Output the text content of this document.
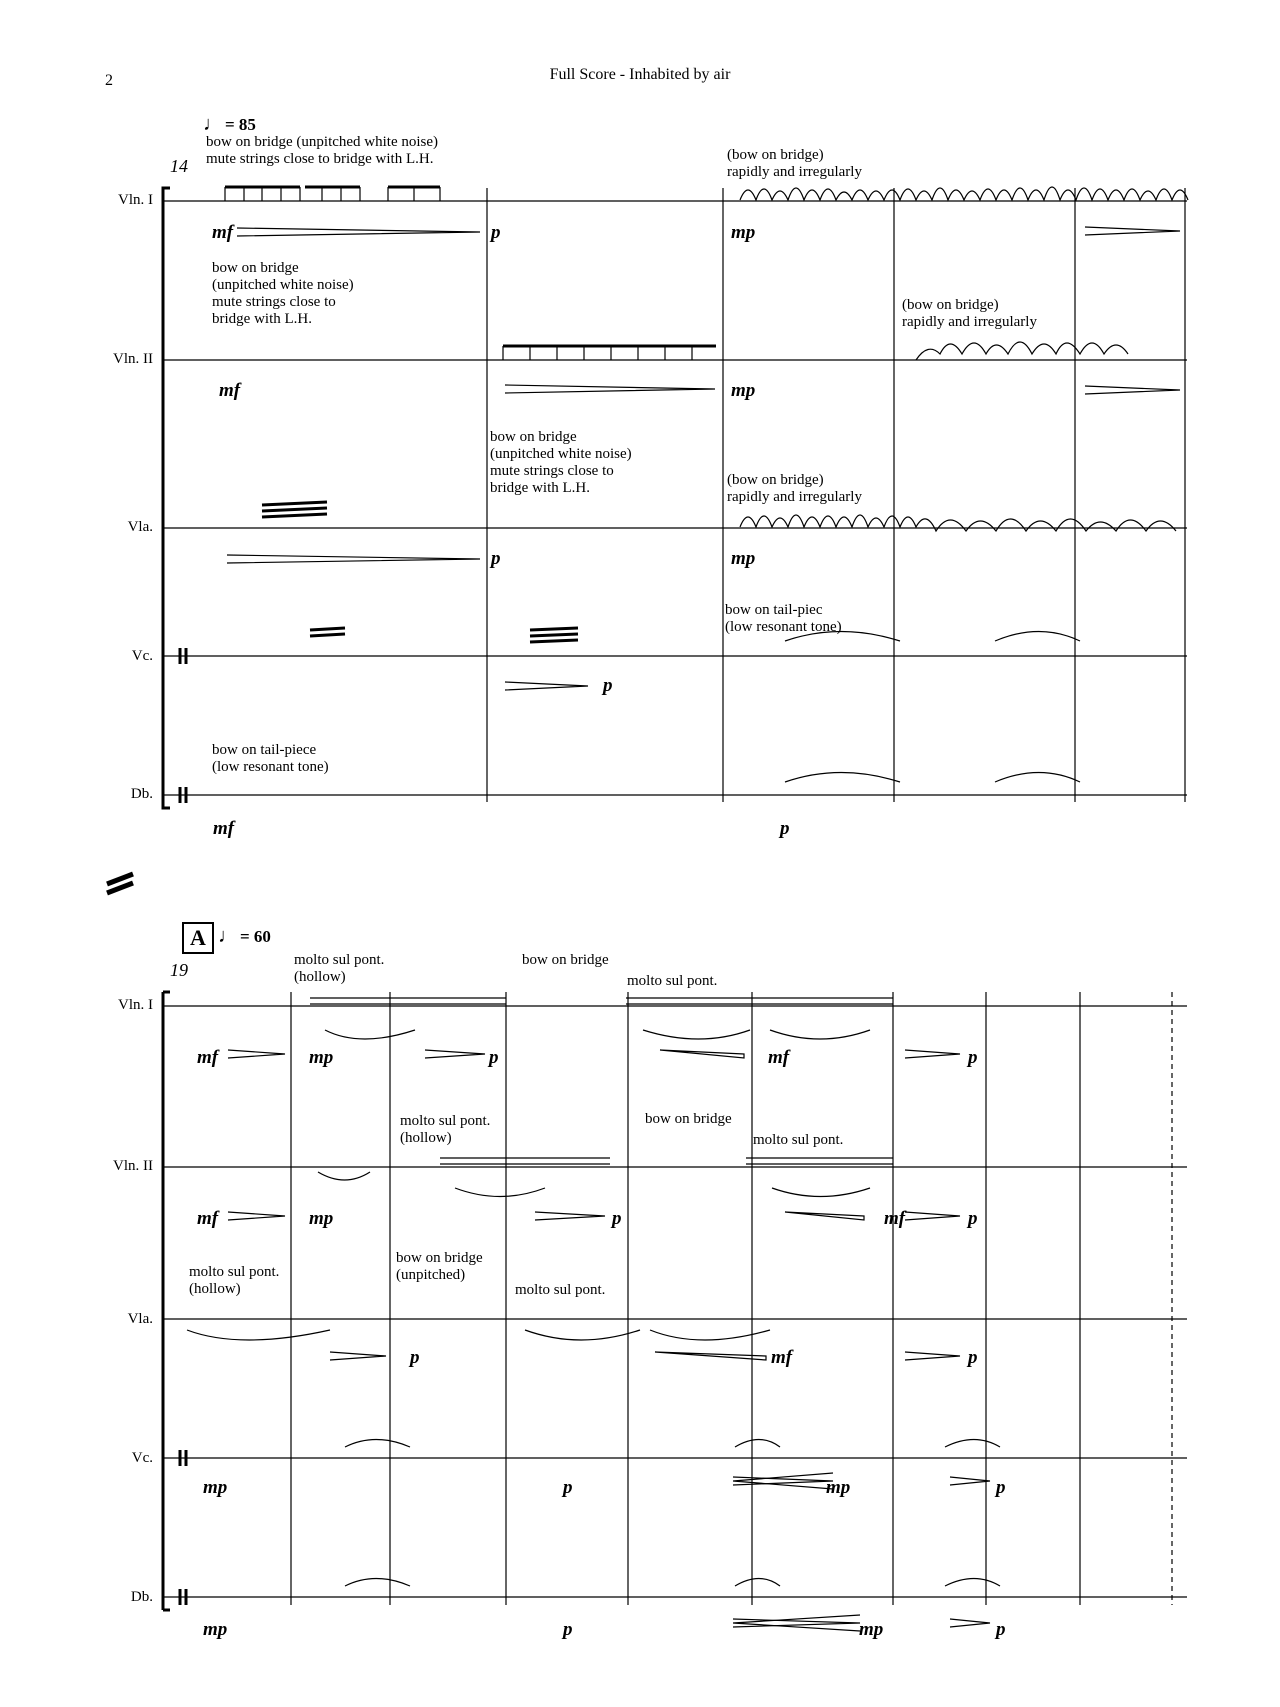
2	Full Score - Inhabited by air
♩ = 85
14
Vln. I
Vln. II
Vla.
Vc.
Db.
bow on bridge (unpitched white noise)
mute strings close to bridge with L.H.	(bow on bridge)
rapidly and irregularly
bow on bridge
(unpitched white noise)
mute strings close to
bridge with L.H.
(bow on bridge)
rapidly and irregularly
bow on bridge
(unpitched white noise)
mute strings close to
bridge with L.H.	(bow on bridge)
rapidly and irregularly
bow on tail-piec
(low resonant tone)
bow on tail-piece
(low resonant tone)
mf	p	mp
mf	mp
p	mp
p
mf	p
A ♩ = 60
19
Vln. I
Vln. II
Vla.
Vc.
Db.
molto sul pont.
(hollow)
bow on bridge
molto sul pont.
molto sul pont.
(hollow)
bow on bridge
molto sul pont.
molto sul pont.
(hollow)
bow on bridge
(unpitched)
molto sul pont.
mf	mp	p	mf	p
mf	mp	p	mf	p
p	mf	p
mp	p	mp	p
mp	p	mp	p
